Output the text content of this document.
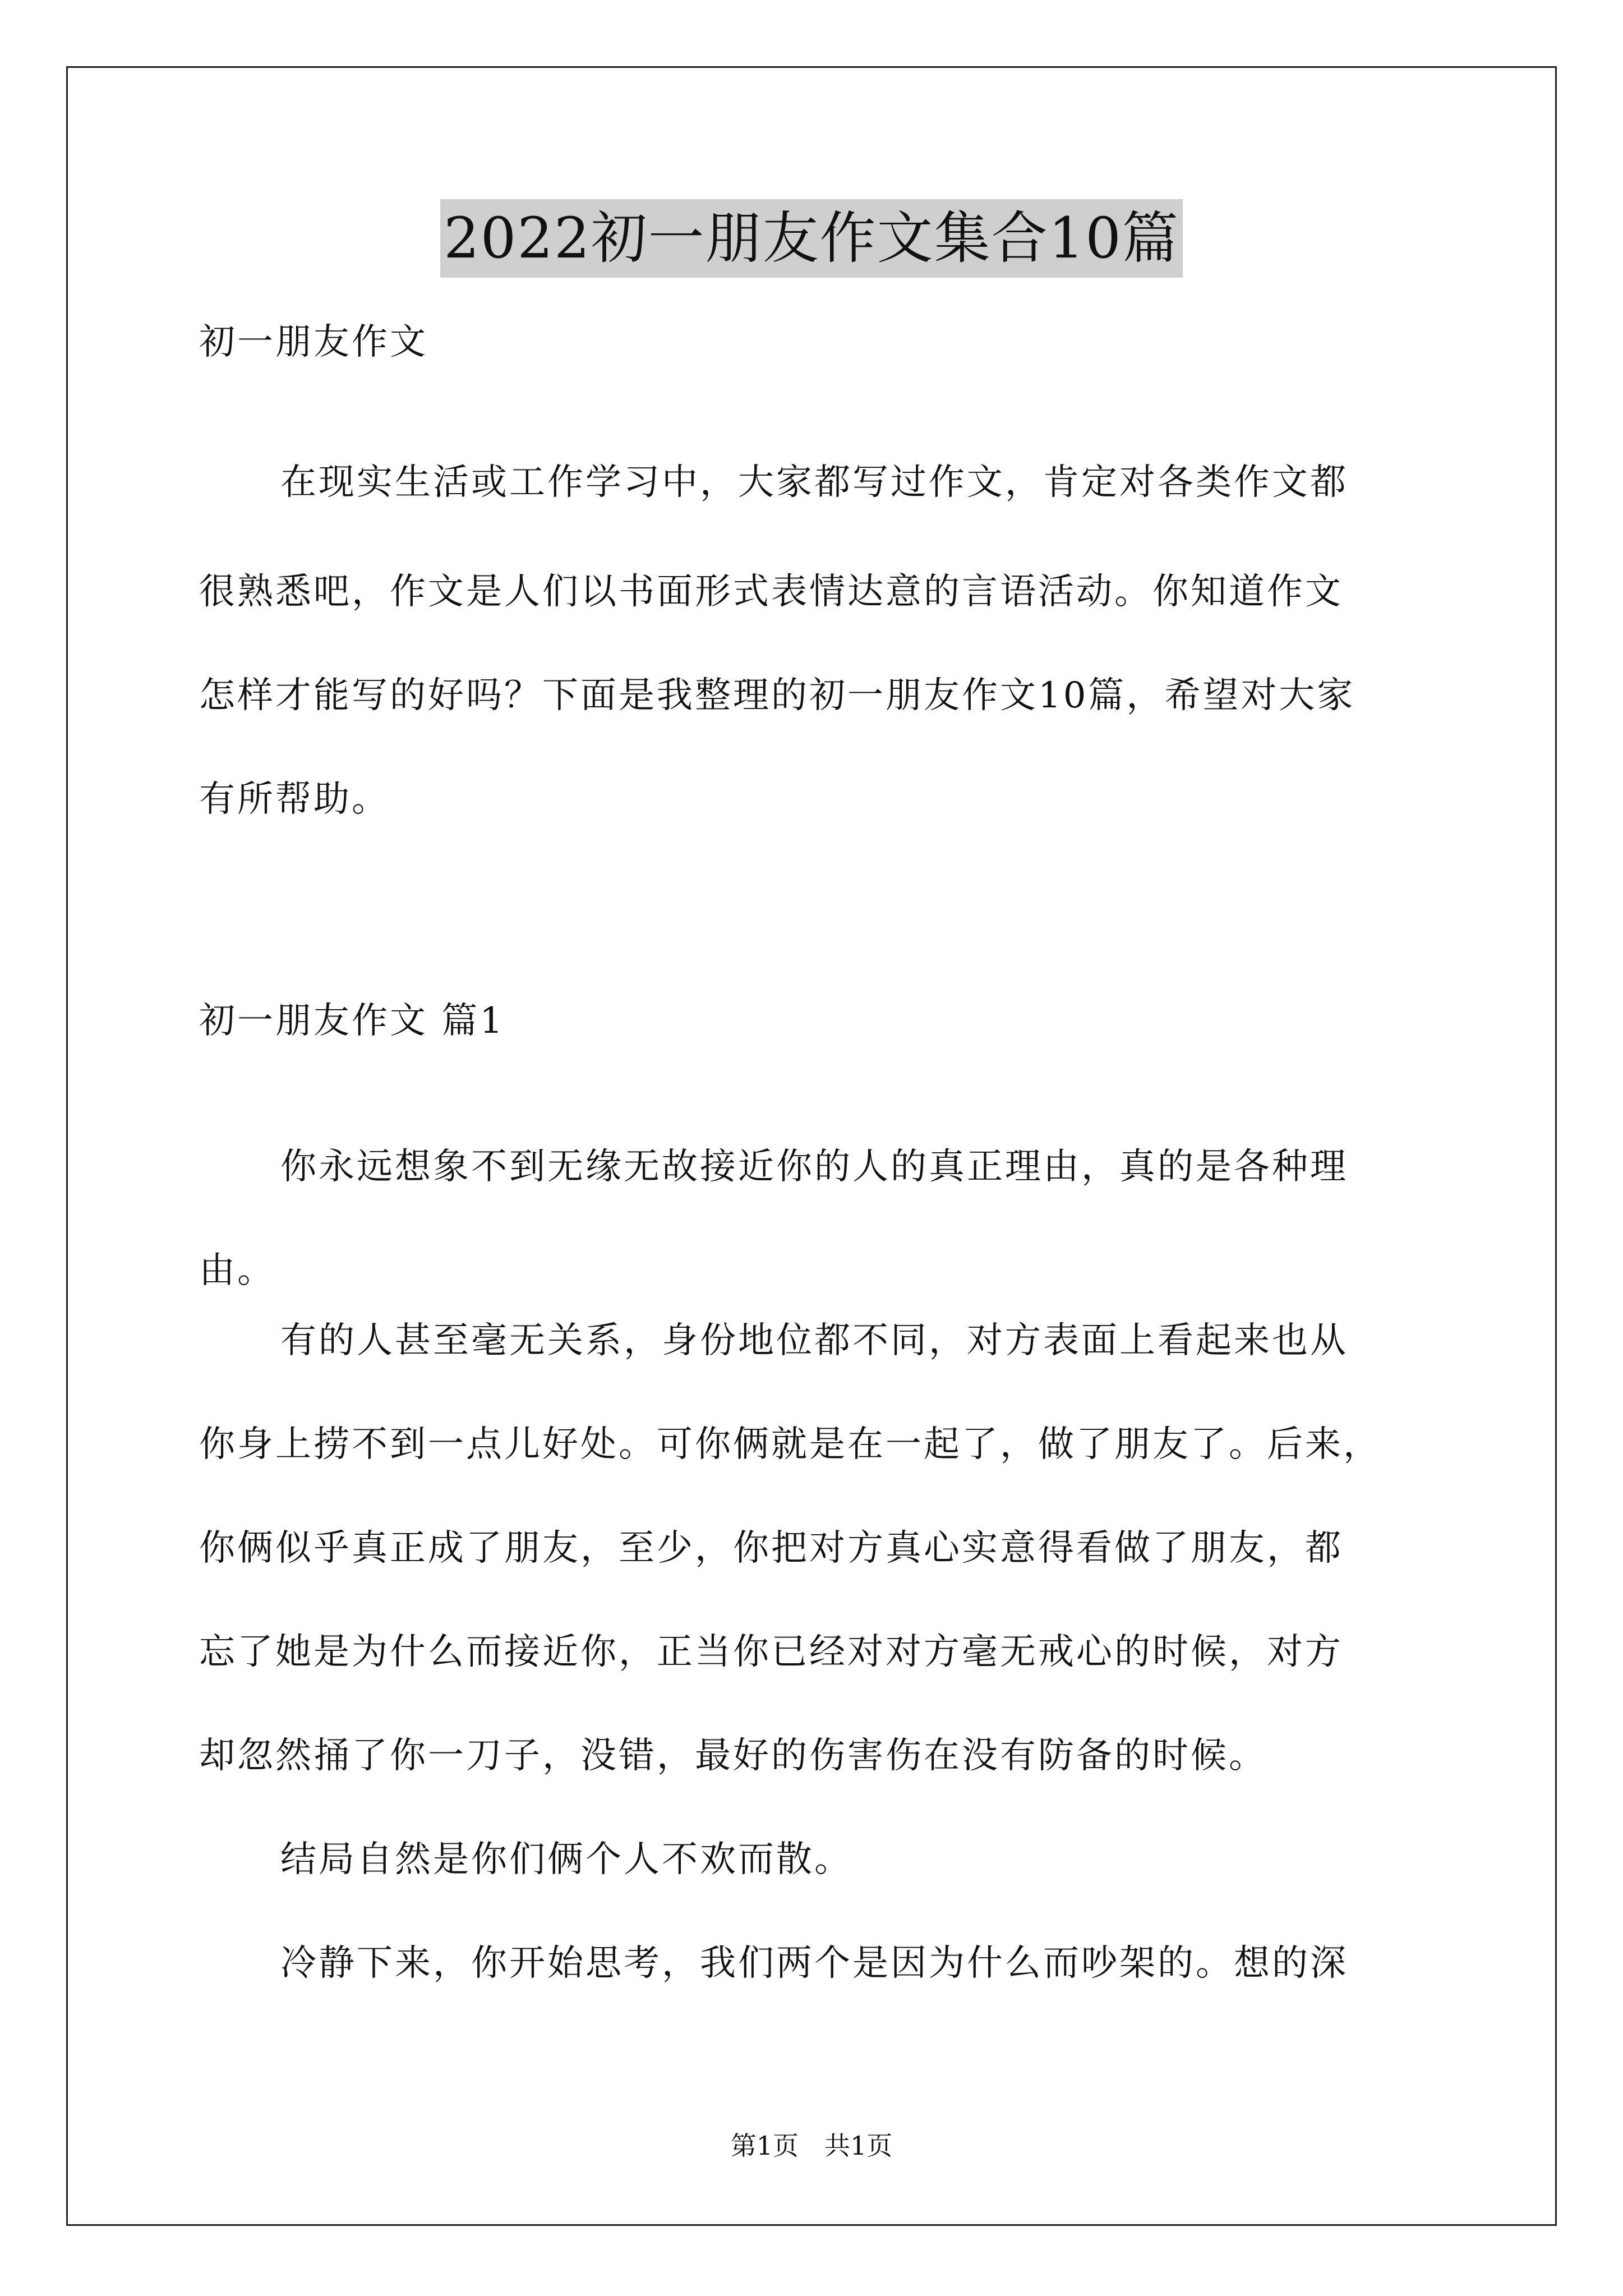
2022初一朋友作文集合10篇
初一朋友作文
在现实生活或工作学习中，大家都写过作文，肯定对各类作文都
很熟悉吧，作文是人们以书面形式表情达意的言语活动。你知道作文
怎样才能写的好吗？下面是我整理的初一朋友作文10篇，希望对大家
有所帮助。
初一朋友作文 篇1
你永远想象不到无缘无故接近你的人的真正理由，真的是各种理
由。
有的人甚至毫无关系，身份地位都不同，对方表面上看起来也从
你身上捞不到一点儿好处。可你俩就是在一起了，做了朋友了。后来，
你俩似乎真正成了朋友，至少，你把对方真心实意得看做了朋友，都
忘了她是为什么而接近你，正当你已经对对方毫无戒心的时候，对方
却忽然捅了你一刀子，没错，最好的伤害伤在没有防备的时候。
结局自然是你们俩个人不欢而散。
冷静下来，你开始思考，我们两个是因为什么而吵架的。想的深
第1页　共1页
